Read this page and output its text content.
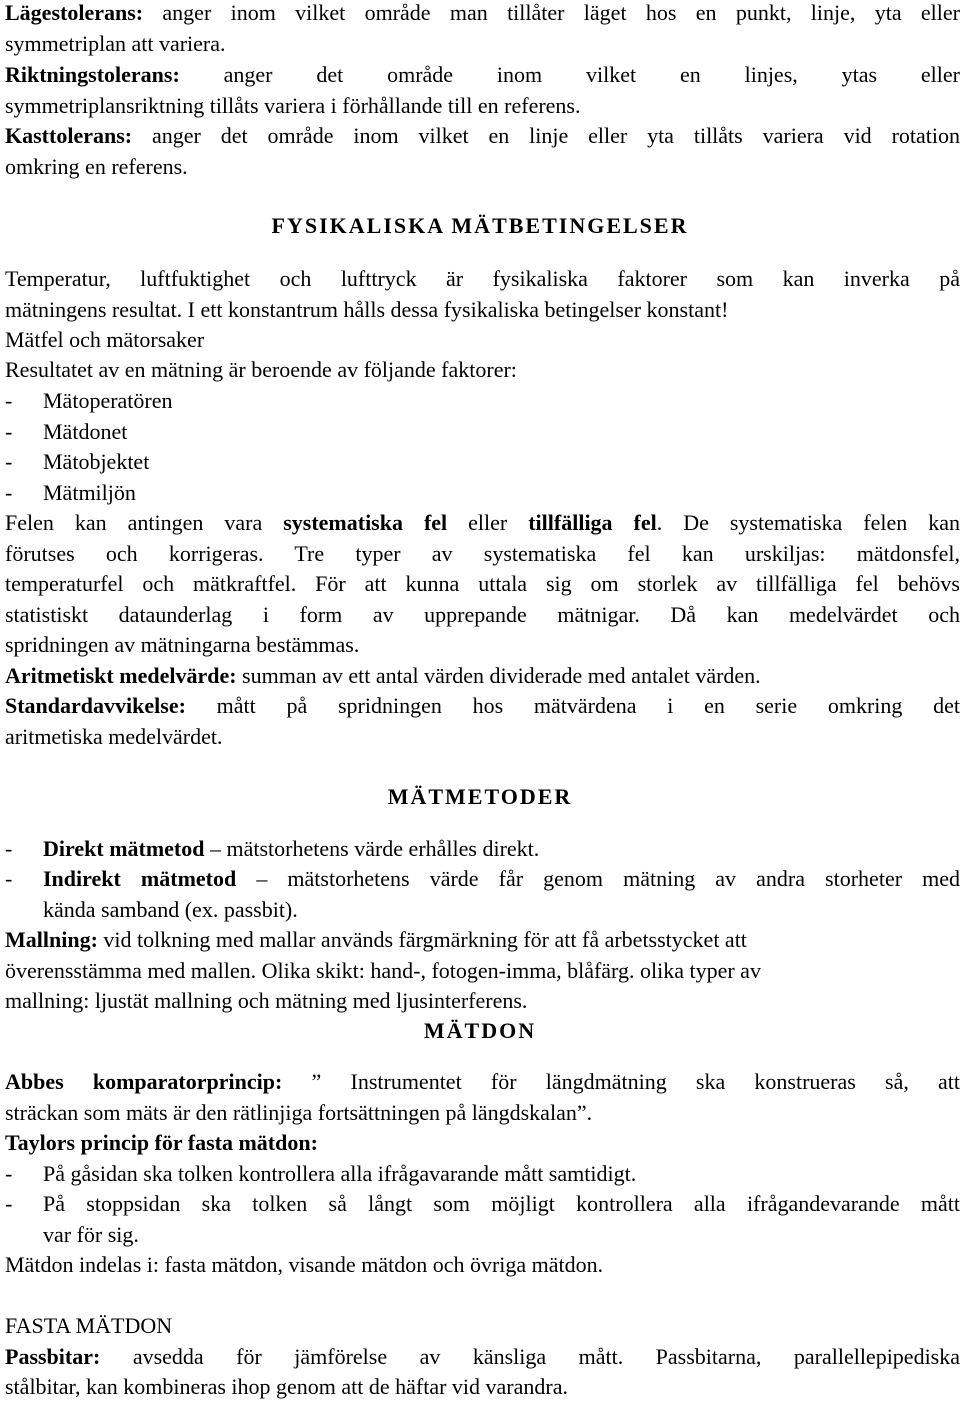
Lägestolerans: anger inom vilket område man tillåter läget hos en punkt, linje, yta eller
symmetriplan att variera.
Riktningstolerans: anger det område inom vilket en linjes, ytas eller
symmetriplansriktning tillåts variera i förhållande till en referens.
Kasttolerans: anger det område inom vilket en linje eller yta tillåts variera vid rotation
omkring en referens.
FYSIKALISKA MÄTBETINGELSER
Temperatur, luftfuktighet och lufttryck är fysikaliska faktorer som kan inverka på
mätningens resultat. I ett konstantrum hålls dessa fysikaliska betingelser konstant!
Mätfel och mätorsaker
Resultatet av en mätning är beroende av följande faktorer:
- Mätoperatören
- Mätdonet
- Mätobjektet
- Mätmiljön
Felen kan antingen vara systematiska fel eller tillfälliga fel. De systematiska felen kan
förutses och korrigeras. Tre typer av systematiska fel kan urskiljas: mätdonsfel,
temperaturfel och mätkraftfel. För att kunna uttala sig om storlek av tillfälliga fel behövs
statistiskt dataunderlag i form av upprepande mätnigar. Då kan medelvärdet och
spridningen av mätningarna bestämmas.
Aritmetiskt medelvärde: summan av ett antal värden dividerade med antalet värden.
Standardavvikelse: mått på spridningen hos mätvärdena i en serie omkring det
aritmetiska medelvärdet.
MÄTMETODER
- Direkt mätmetod – mätstorhetens värde erhålles direkt.
- Indirekt mätmetod – mätstorhetens värde får genom mätning av andra storheter med
kända samband (ex. passbit).
Mallning: vid tolkning med mallar används färgmärkning för att få arbetsstycket att
överensstämma med mallen. Olika skikt: hand-, fotogen-imma, blåfärg. olika typer av
mallning: ljustät mallning och mätning med ljusinterferens.
MÄTDON
Abbes komparatorprincip: ” Instrumentet för längdmätning ska konstrueras så, att
sträckan som mäts är den rätlinjiga fortsättningen på längdskalan”.
Taylors princip för fasta mätdon:
- På gåsidan ska tolken kontrollera alla ifrågavarande mått samtidigt.
- På stoppsidan ska tolken så långt som möjligt kontrollera alla ifrågandevarande mått
var för sig.
Mätdon indelas i: fasta mätdon, visande mätdon och övriga mätdon.
FASTA MÄTDON
Passbitar: avsedda för jämförelse av känsliga mått. Passbitarna, parallellepipediska
stålbitar, kan kombineras ihop genom att de häftar vid varandra.
